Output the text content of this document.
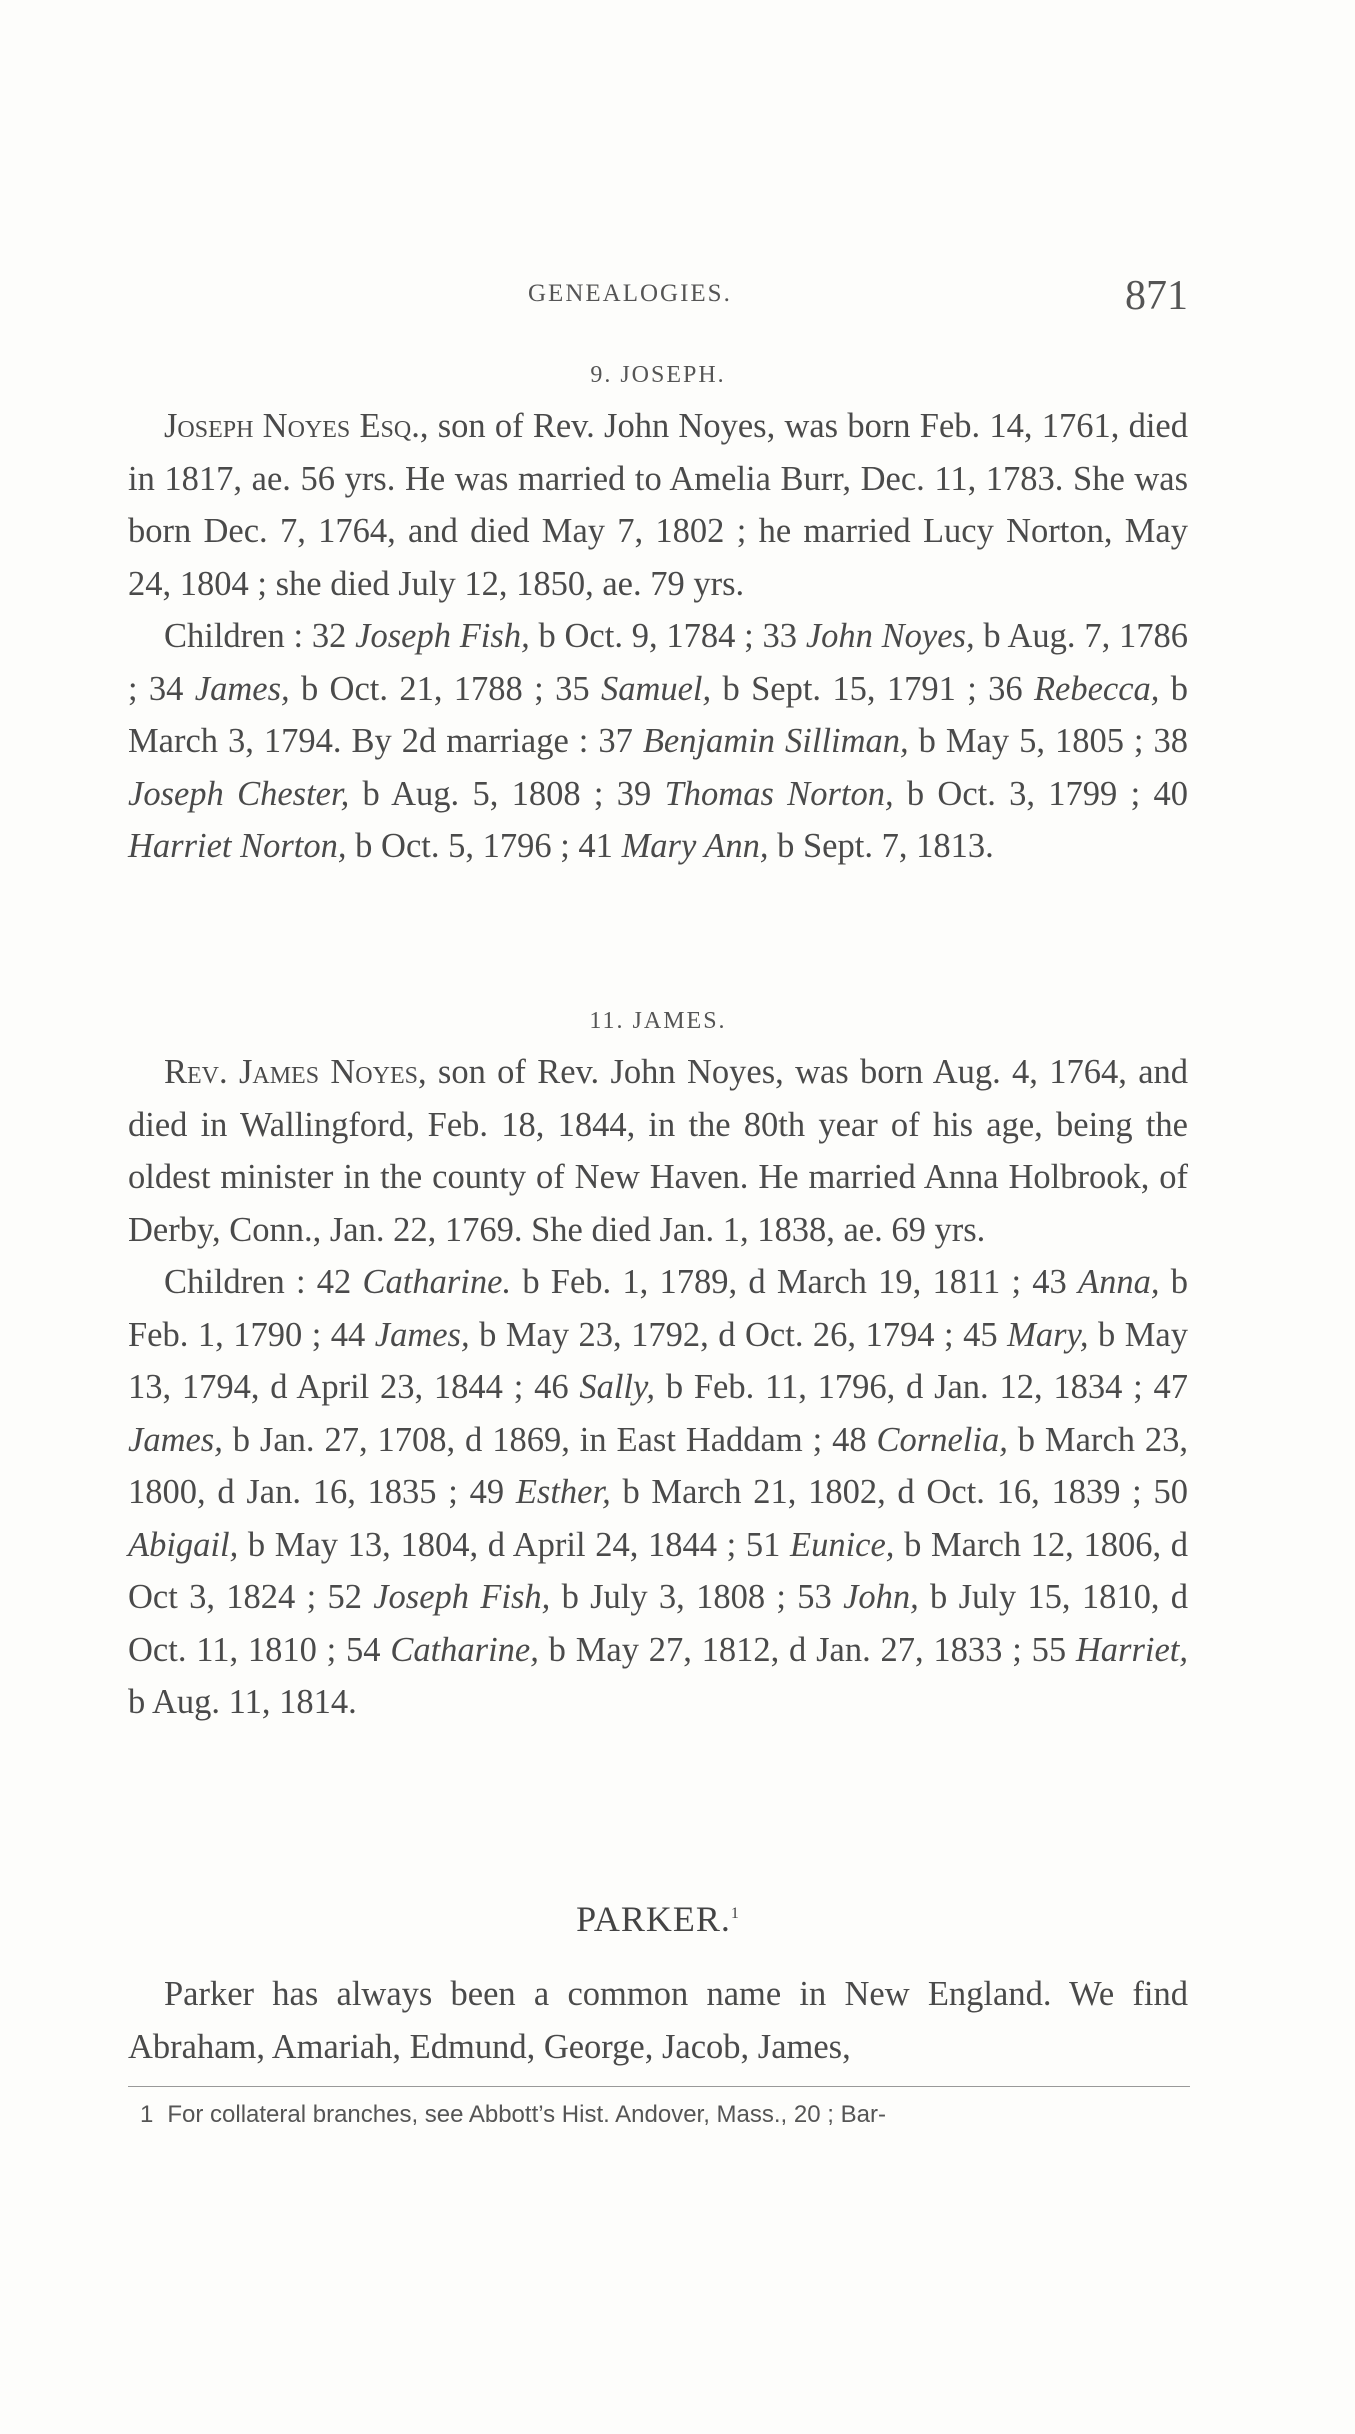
GENEALOGIES.	871
9. JOSEPH.

Joseph Noyes Esq., son of Rev. John Noyes, was born Feb. 14, 1761, died in 1817, ae. 56 yrs. He was married to Amelia Burr, Dec. 11, 1783. She was born Dec. 7, 1764, and died May 7, 1802 ; he married Lucy Norton, May 24, 1804 ; she died July 12, 1850, ae. 79 yrs.

Children : 32 Joseph Fish, b Oct. 9, 1784 ; 33 John Noyes, b Aug. 7, 1786 ; 34 James, b Oct. 21, 1788 ; 35 Samuel, b Sept. 15, 1791 ; 36 Rebecca, b March 3, 1794. By 2d marriage : 37 Benjamin Silliman, b May 5, 1805 ; 38 Joseph Chester, b Aug. 5, 1808 ; 39 Thomas Norton, b Oct. 3, 1799 ; 40 Harriet Norton, b Oct. 5, 1796 ; 41 Mary Ann, b Sept. 7, 1813.

11. JAMES.

Rev. James Noyes, son of Rev. John Noyes, was born Aug. 4, 1764, and died in Wallingford, Feb. 18, 1844, in the 80th year of his age, being the oldest minister in the county of New Haven. He married Anna Holbrook, of Derby, Conn., Jan. 22, 1769. She died Jan. 1, 1838, ae. 69 yrs.

Children : 42 Catharine. b Feb. 1, 1789, d March 19, 1811 ; 43 Anna, b Feb. 1, 1790 ; 44 James, b May 23, 1792, d Oct. 26, 1794 ; 45 Mary, b May 13, 1794, d April 23, 1844 ; 46 Sally, b Feb. 11, 1796, d Jan. 12, 1834 ; 47 James, b Jan. 27, 1708, d 1869, in East Haddam ; 48 Cornelia, b March 23, 1800, d Jan. 16, 1835 ; 49 Esther, b March 21, 1802, d Oct. 16, 1839 ; 50 Abigail, b May 13, 1804, d April 24, 1844 ; 51 Eunice, b March 12, 1806, d Oct 3, 1824 ; 52 Joseph Fish, b July 3, 1808 ; 53 John, b July 15, 1810, d Oct. 11, 1810 ; 54 Catharine, b May 27, 1812, d Jan. 27, 1833 ; 55 Harriet, b Aug. 11, 1814.

PARKER.$^1$

Parker has always been a common name in New England. We find Abraham, Amariah, Edmund, George, Jacob, James,

1 For collateral branches, see Abbott’s Hist. Andover, Mass., 20 ; Bar-
